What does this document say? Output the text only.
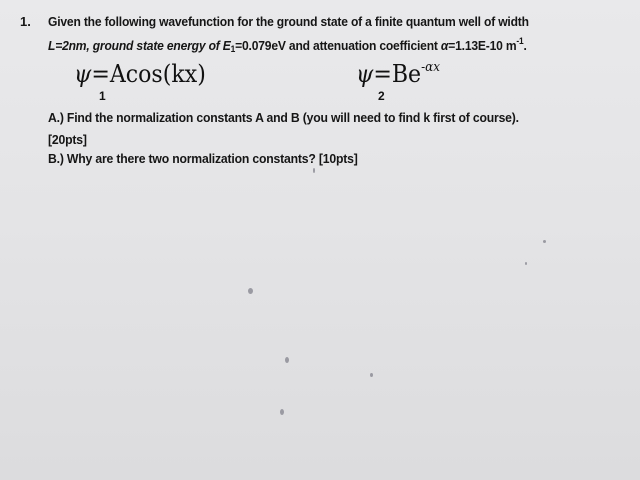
1. Given the following wavefunction for the ground state of a finite quantum well of width
L=2nm, ground state energy of $E_1=0.079eV$ and attenuation coefficient α=1.13E-10 $m^{-1}$.
ψ=Acos(kx)
1
$\psi=Be^{-\alpha x}$
2
A.) Find the normalization constants A and B (you will need to find k first of course).
[20pts]
B.) Why are there two normalization constants? [10pts]
